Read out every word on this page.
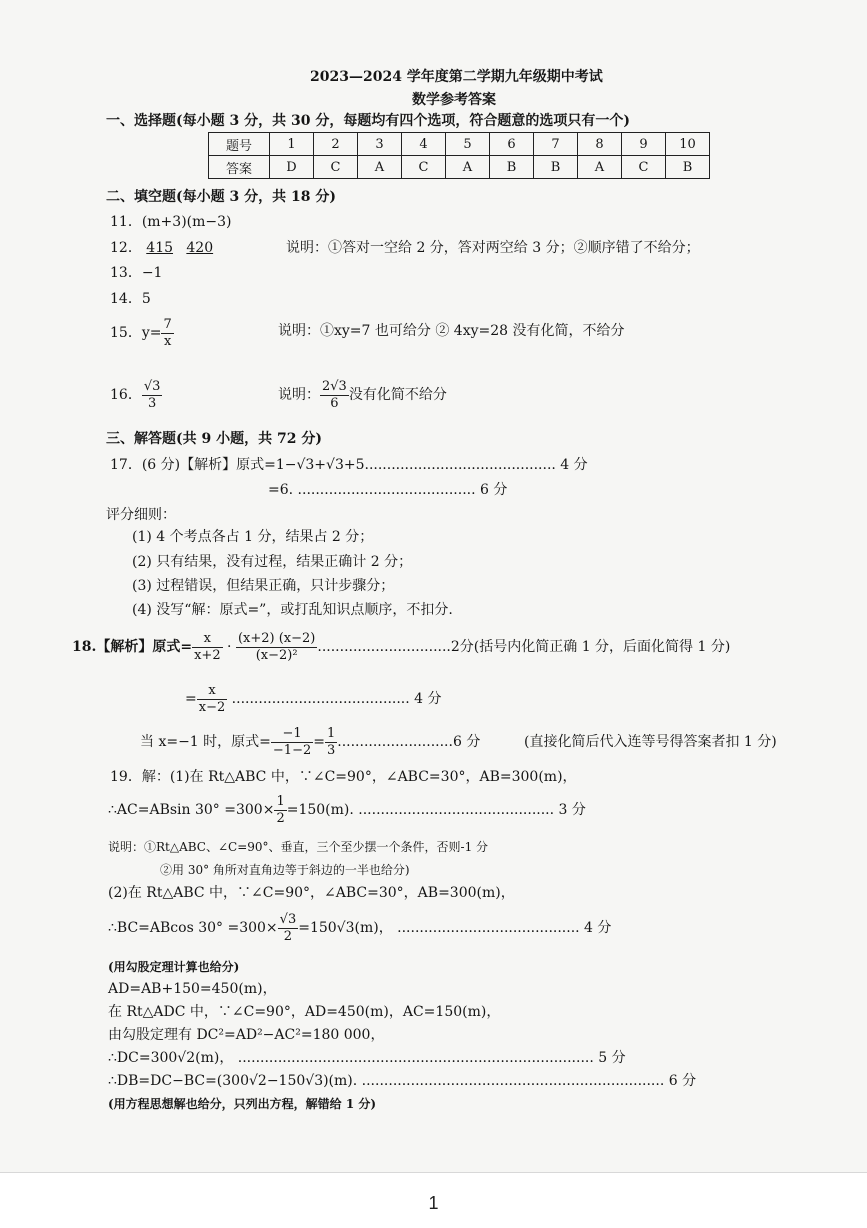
2023—2024 学年度第二学期九年级期中考试
数学参考答案
一、选择题(每小题 3 分，共 30 分，每题均有四个选项，符合题意的选项只有一个)
题号	1	2	3	4	5	6	7	8	9	10
答案	D	C	A	C	A	B	B	A	C	B
二、填空题(每小题 3 分，共 18 分)
11．(m+3)(m−3)
12． 415 420	说明：①答对一空给 2 分，答对两空给 3 分；②顺序错了不给分；
13．−1
14．5
15．$y= \frac{7}{x}$	说明：①xy=7 也可给分 ② 4xy=28 没有化简，不给分
16． $\frac{√3}{3}$	说明： $\frac{2√3}{6}$ 没有化简不给分
三、解答题(共 9 小题，共 72 分)
17．(6 分)【解析】原式=1−√3+√3+5........................................... 4 分
=6. ........................................ 6 分
评分细则：
(1) 4 个考点各占 1 分，结果占 2 分；
(2) 只有结果，没有过程，结果正确计 2 分；
(3) 过程错误，但结果正确，只计步骤分；
(4) 没写“解：原式=”，或打乱知识点顺序，不扣分.
18.【解析】原式= $\frac{x}{x+2} \cdot \frac{(x+2) (x-2)}{\text{(x−2)²}} ..............................2$分(括号内化简正确 1 分，后面化简得 1 分)
= $\frac{x}{x-2}$ ........................................ 4 分
当 x=−1 时，原式= $\frac{-1}{-1-2} = \frac{1}{3} ..........................6$ 分	(直接化简后代入连等号得答案者扣 1 分)
19．解：(1)在 Rt△ABC 中，∵∠C=90°，∠ABC=30°，AB=300(m)，
∴AC=ABsin $30^\circ =300\times \frac{1}{2} =150(m)$. ............................................ 3 分
说明：①Rt△ABC、∠C=90°、垂直，三个至少摆一个条件，否则-1 分
②用 30° 角所对直角边等于斜边的一半也给分)
(2)在 Rt△ABC 中，∵∠C=90°，∠ABC=30°，AB=300(m)，
∴BC=ABcos $30^\circ =300\times \frac{√3}{2} =150√3(m)$， ......................................... 4 分
(用勾股定理计算也给分)
AD=AB+150=450(m)，
在 Rt△ADC 中，∵∠C=90°，AD=450(m)，AC=150(m)，
由勾股定理有 DC²=AD²−AC²=180 000，
∴DC=300√2(m)， ................................................................................ 5 分
∴DB=DC−BC=(300√2−150√3)(m). .................................................................... 6 分
(用方程思想解也给分，只列出方程，解错给 1 分)
1
